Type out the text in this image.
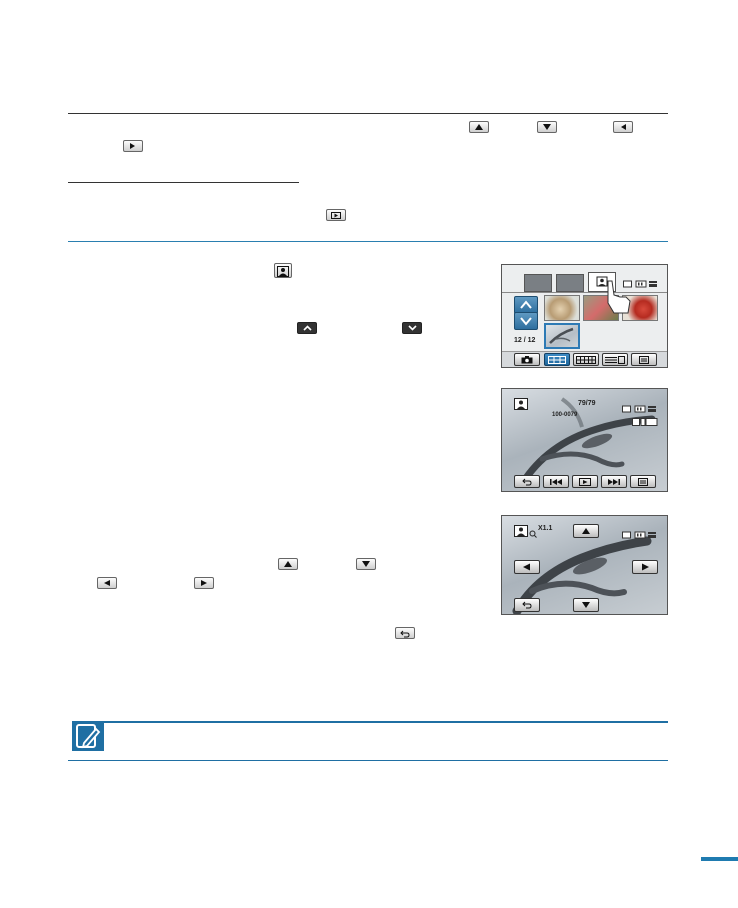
12 / 12
79/79
100-0079
X1.1
